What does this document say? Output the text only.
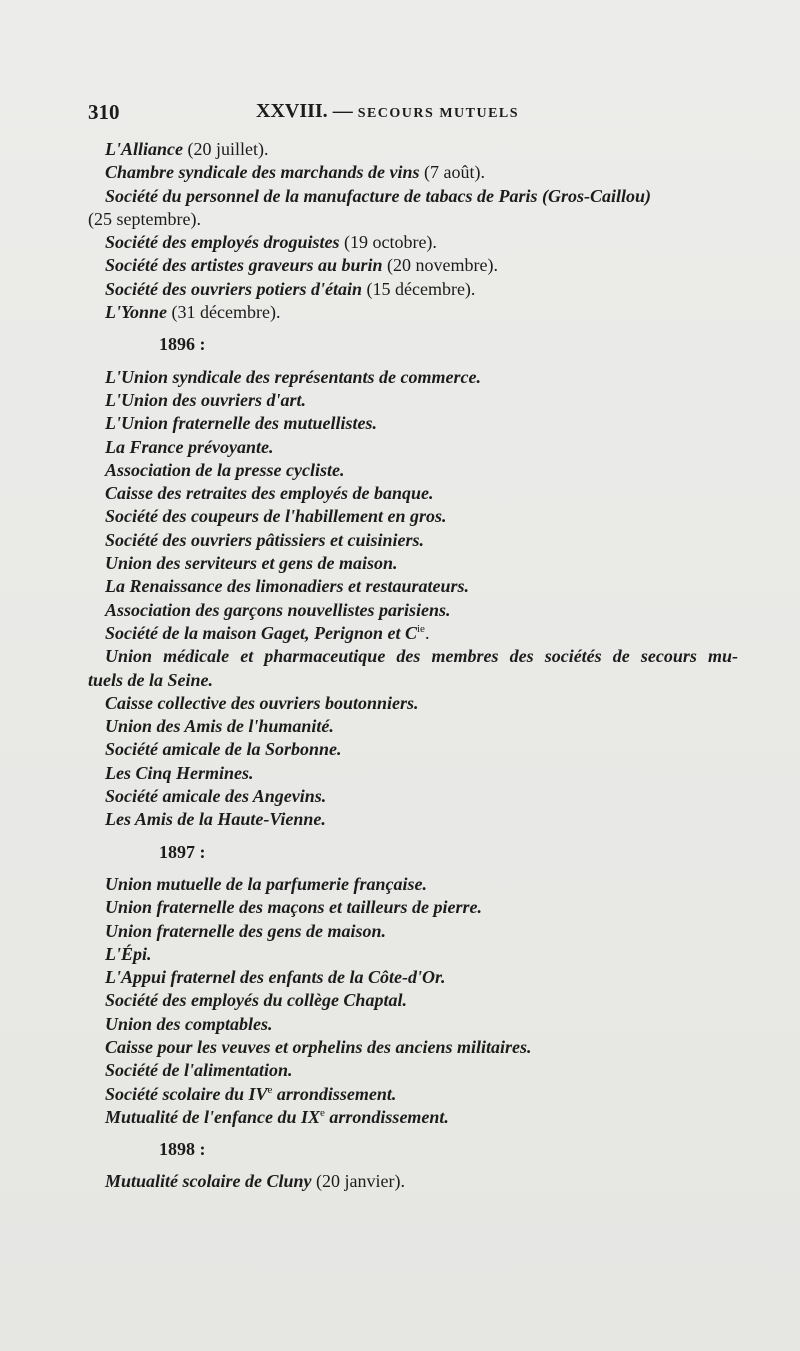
310	XXVIII. — SECOURS MUTUELS
L'Alliance (20 juillet).
Chambre syndicale des marchands de vins (7 août).
Société du personnel de la manufacture de tabacs de Paris (Gros-Caillou)
(25 septembre).
Société des employés droguistes (19 octobre).
Société des artistes graveurs au burin (20 novembre).
Société des ouvriers potiers d'étain (15 décembre).
L'Yonne (31 décembre).
1896 :
L'Union syndicale des représentants de commerce.
L'Union des ouvriers d'art.
L'Union fraternelle des mutuellistes.
La France prévoyante.
Association de la presse cycliste.
Caisse des retraites des employés de banque.
Société des coupeurs de l'habillement en gros.
Société des ouvriers pâtissiers et cuisiniers.
Union des serviteurs et gens de maison.
La Renaissance des limonadiers et restaurateurs.
Association des garçons nouvellistes parisiens.
Société de la maison Gaget, Perignon et $C^{ie}$.
Union médicale et pharmaceutique des membres des sociétés de secours mu-
tuels de la Seine.
Caisse collective des ouvriers boutonniers.
Union des Amis de l'humanité.
Société amicale de la Sorbonne.
Les Cinq Hermines.
Société amicale des Angevins.
Les Amis de la Haute-Vienne.
1897 :
Union mutuelle de la parfumerie française.
Union fraternelle des maçons et tailleurs de pierre.
Union fraternelle des gens de maison.
L'Épi.
L'Appui fraternel des enfants de la Côte-d'Or.
Société des employés du collège Chaptal.
Union des comptables.
Caisse pour les veuves et orphelins des anciens militaires.
Société de l'alimentation.
Société scolaire du IVe arrondissement.
Mutualité de l'enfance du IXe arrondissement.
1898 :
Mutualité scolaire de Cluny (20 janvier).
